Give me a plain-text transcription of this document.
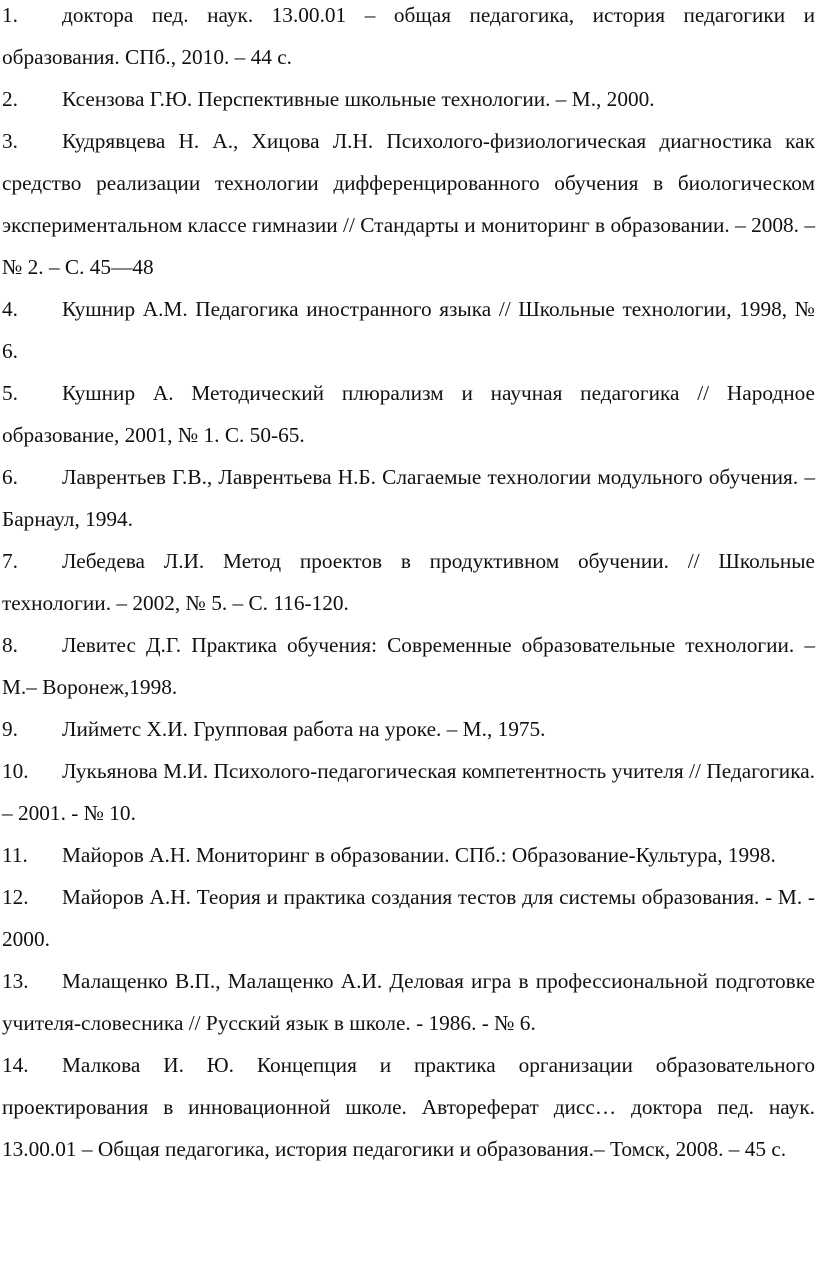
1. доктора пед. наук. 13.00.01 – общая педагогика, история педагогики и образования. СПб., 2010. – 44 с.
2. Ксензова Г.Ю. Перспективные школьные технологии. – М., 2000.
3. Кудрявцева Н. А., Хицова Л.Н. Психолого-физиологическая диагностика как средство реализации технологии дифференцированного обучения в биологическом экспериментальном классе гимназии // Стандарты и мониторинг в образовании. – 2008. – № 2. – С. 45—48
4. Кушнир А.М. Педагогика иностранного языка // Школьные технологии, 1998, № 6.
5. Кушнир А. Методический плюрализм и научная педагогика // Народное образование, 2001, № 1. С. 50-65.
6. Лаврентьев Г.В., Лаврентьева Н.Б. Слагаемые технологии модульного обучения. – Барнаул, 1994.
7. Лебедева Л.И. Метод проектов в продуктивном обучении. // Школьные технологии. – 2002, № 5. – С. 116-120.
8. Левитес Д.Г. Практика обучения: Современные образовательные технологии. – М.– Воронеж,1998.
9. Лийметс Х.И. Групповая работа на уроке. – М., 1975.
10. Лукьянова М.И. Психолого-педагогическая компетентность учителя // Педагогика. – 2001. - № 10.
11. Майоров А.Н. Мониторинг в образовании. СПб.: Образование-Культура, 1998.
12. Майоров А.Н. Теория и практика создания тестов для системы образования. - М. - 2000.
13. Малащенко В.П., Малащенко А.И. Деловая игра в профессиональной подготовке учителя-словесника // Русский язык в школе. - 1986. - № 6.
14. Малкова И. Ю. Концепция и практика организации образовательного проектирования в инновационной школе. Автореферат дисс… доктора пед. наук. 13.00.01 – Общая педагогика, история педагогики и образования.– Томск, 2008. – 45 с.
